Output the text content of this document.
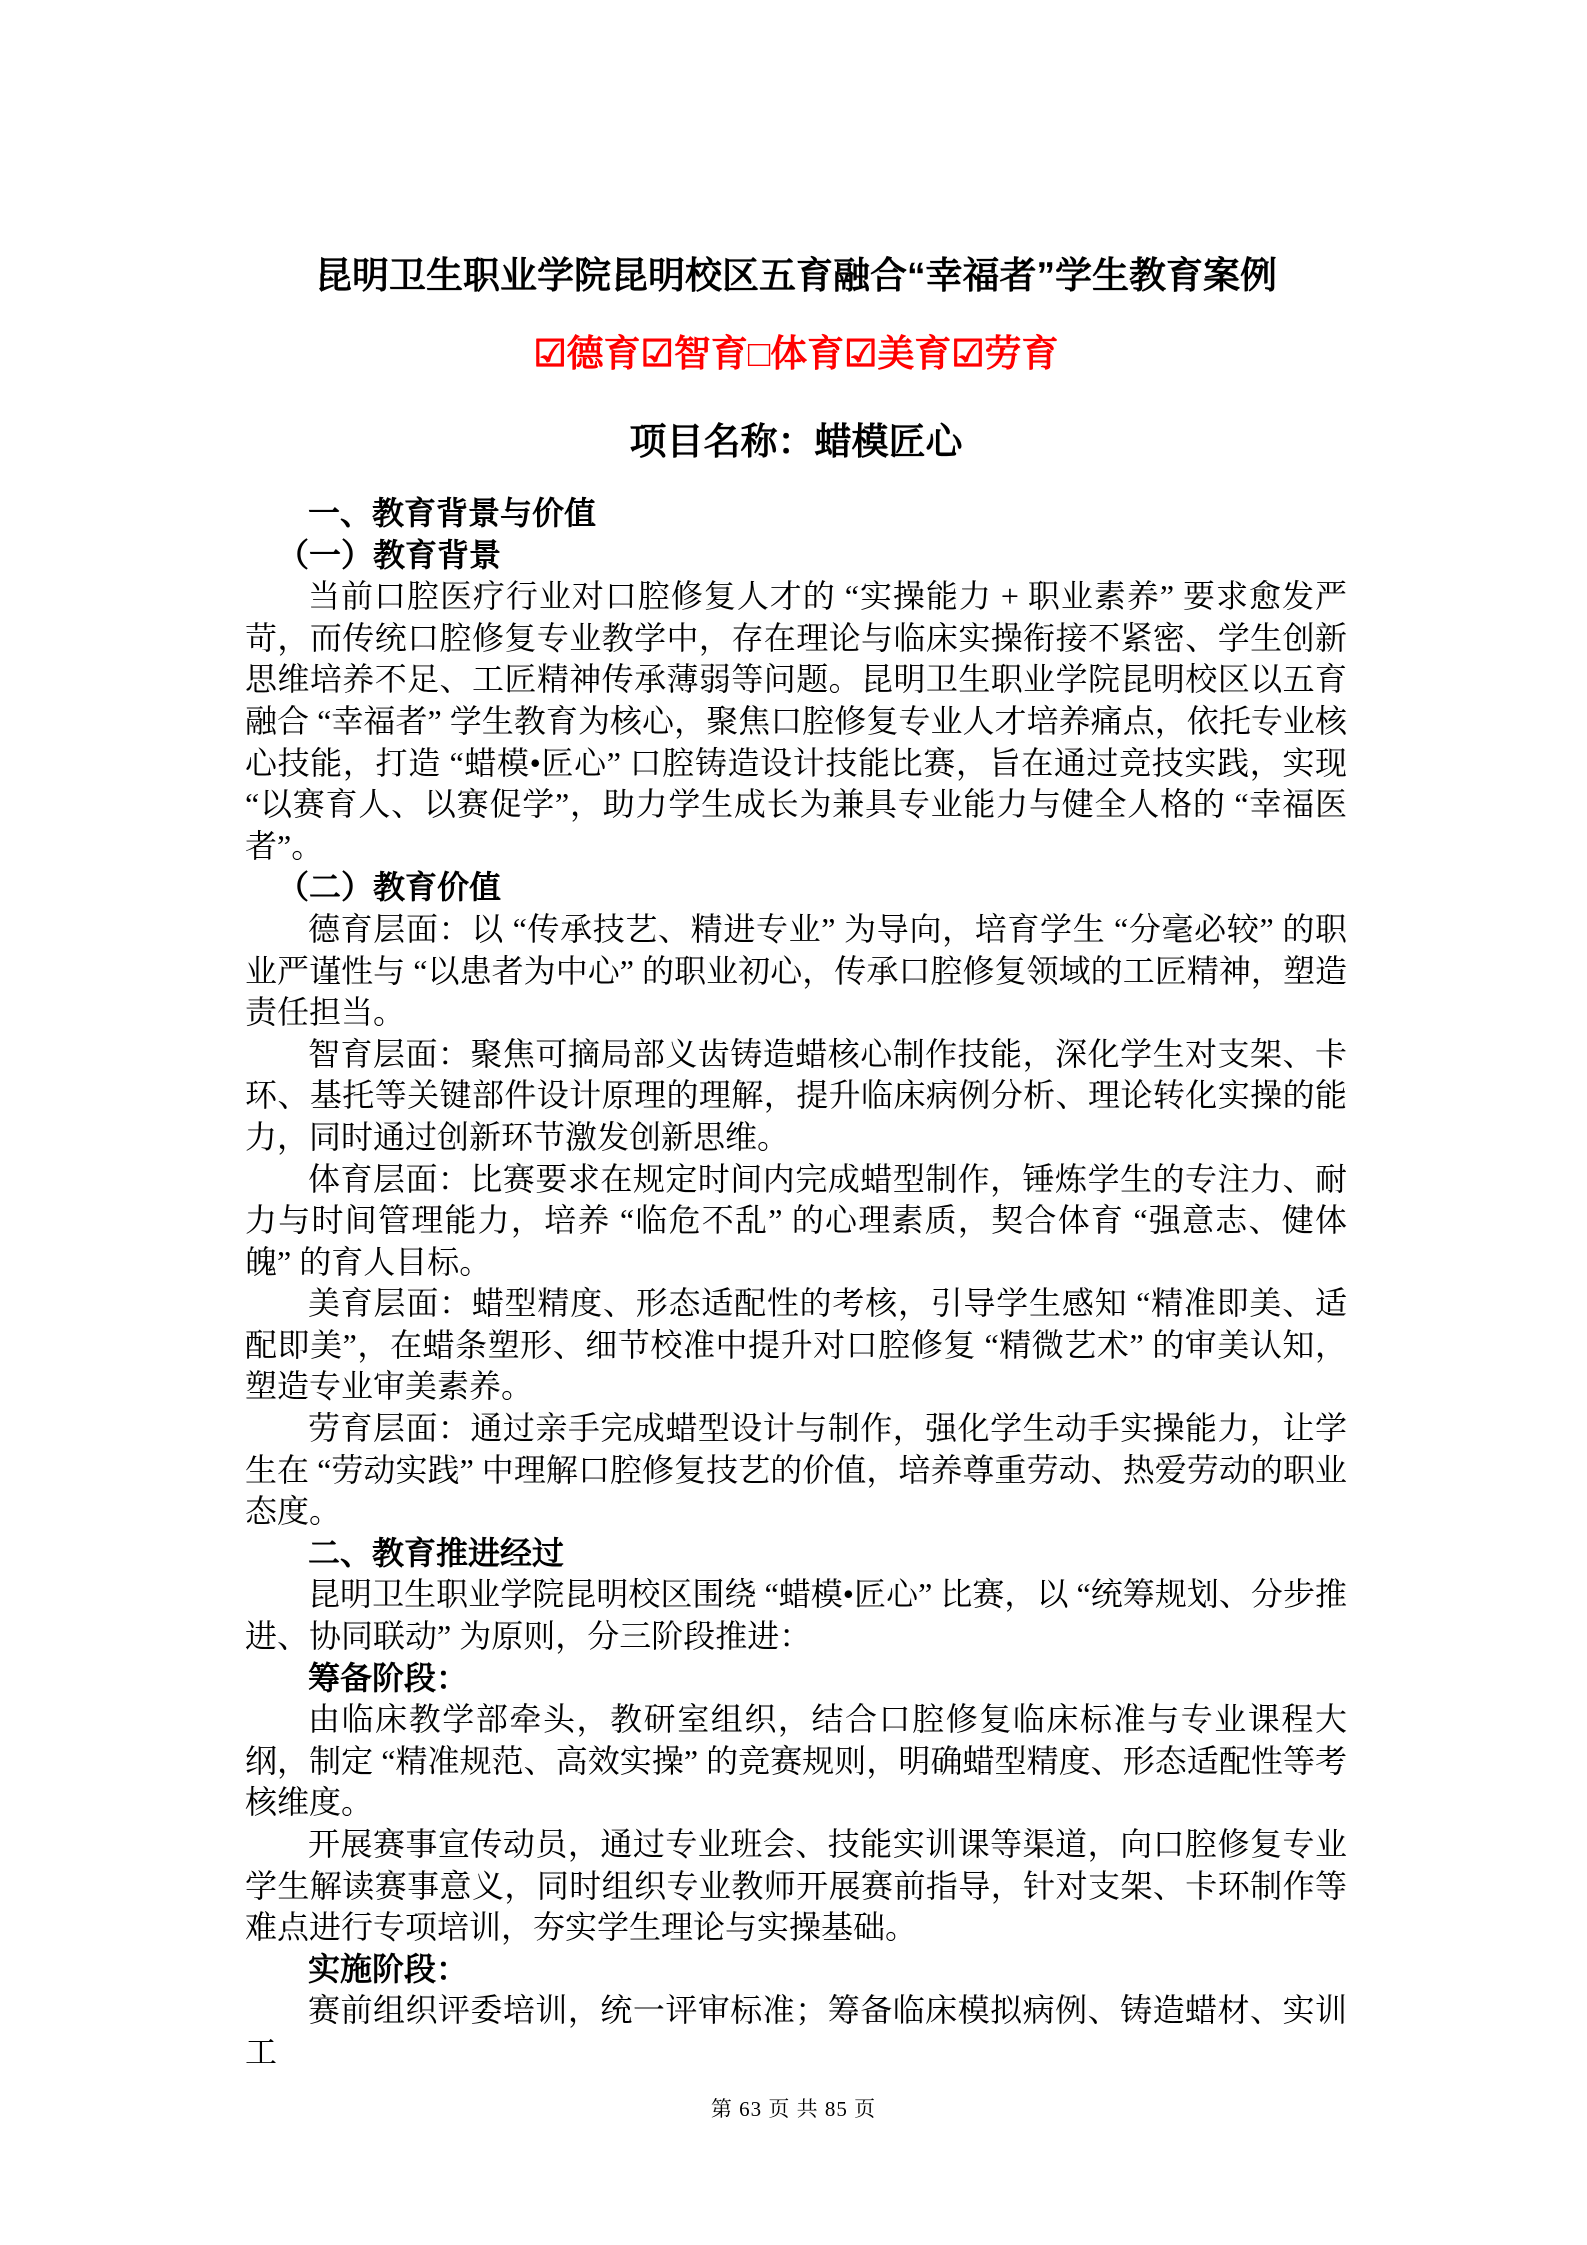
昆明卫生职业学院昆明校区五育融合“幸福者”学生教育案例
☑德育☑智育□体育☑美育☑劳育
项目名称：蜡模匠心
一、教育背景与价值
（一）教育背景
当前口腔医疗行业对口腔修复人才的 “实操能力 + 职业素养” 要求愈发严苛，而传统口腔修复专业教学中，存在理论与临床实操衔接不紧密、学生创新思维培养不足、工匠精神传承薄弱等问题。昆明卫生职业学院昆明校区以五育融合 “幸福者” 学生教育为核心，聚焦口腔修复专业人才培养痛点，依托专业核心技能，打造 “蜡模•匠心” 口腔铸造设计技能比赛，旨在通过竞技实践，实现 “以赛育人、以赛促学”，助力学生成长为兼具专业能力与健全人格的 “幸福医者”。
（二）教育价值
德育层面：以 “传承技艺、精进专业” 为导向，培育学生 “分毫必较” 的职业严谨性与 “以患者为中心” 的职业初心，传承口腔修复领域的工匠精神，塑造责任担当。
智育层面：聚焦可摘局部义齿铸造蜡核心制作技能，深化学生对支架、卡环、基托等关键部件设计原理的理解，提升临床病例分析、理论转化实操的能力，同时通过创新环节激发创新思维。
体育层面：比赛要求在规定时间内完成蜡型制作，锤炼学生的专注力、耐力与时间管理能力，培养 “临危不乱” 的心理素质，契合体育 “强意志、健体魄” 的育人目标。
美育层面：蜡型精度、形态适配性的考核，引导学生感知 “精准即美、适配即美”，在蜡条塑形、细节校准中提升对口腔修复 “精微艺术” 的审美认知，塑造专业审美素养。
劳育层面：通过亲手完成蜡型设计与制作，强化学生动手实操能力，让学生在 “劳动实践” 中理解口腔修复技艺的价值，培养尊重劳动、热爱劳动的职业态度。
二、教育推进经过
昆明卫生职业学院昆明校区围绕 “蜡模•匠心” 比赛，以 “统筹规划、分步推进、协同联动” 为原则，分三阶段推进：
筹备阶段：
由临床教学部牵头，教研室组织，结合口腔修复临床标准与专业课程大纲，制定 “精准规范、高效实操” 的竞赛规则，明确蜡型精度、形态适配性等考核维度。
开展赛事宣传动员，通过专业班会、技能实训课等渠道，向口腔修复专业学生解读赛事意义，同时组织专业教师开展赛前指导，针对支架、卡环制作等难点进行专项培训，夯实学生理论与实操基础。
实施阶段：
赛前组织评委培训，统一评审标准；筹备临床模拟病例、铸造蜡材、实训工
第 63 页 共 85 页
